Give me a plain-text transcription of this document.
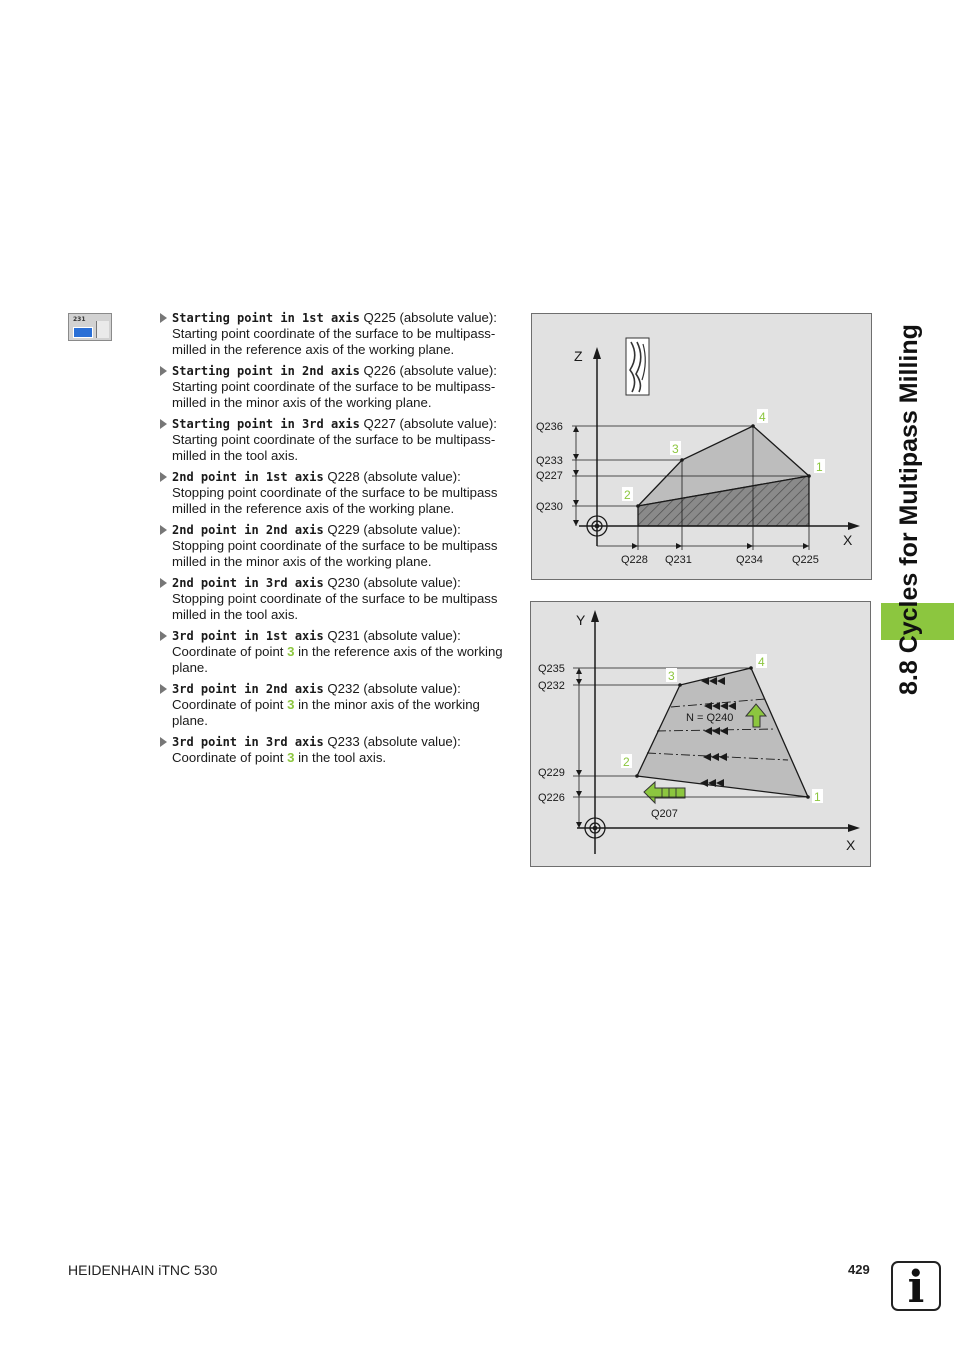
231	Starting point in 1st axis Q225 (absolute value): Starting point coordinate of the surface to be multipass-milled in the reference axis of the working plane.
Starting point in 2nd axis Q226 (absolute value): Starting point coordinate of the surface to be multipass-milled in the minor axis of the working plane.
Starting point in 3rd axis Q227 (absolute value): Starting point coordinate of the surface to be multipass-milled in the tool axis.
2nd point in 1st axis Q228 (absolute value): Stopping point coordinate of the surface to be multipass milled in the reference axis of the working plane.
2nd point in 2nd axis Q229 (absolute value): Stopping point coordinate of the surface to be multipass milled in the minor axis of the working plane.
2nd point in 3rd axis Q230 (absolute value): Stopping point coordinate of the surface to be multipass milled in the tool axis.
3rd point in 1st axis Q231 (absolute value): Coordinate of point 3 in the reference axis of the working plane.
3rd point in 2nd axis Q232 (absolute value): Coordinate of point 3 in the minor axis of the working plane.
3rd point in 3rd axis Q233 (absolute value): Coordinate of point 3 in the tool axis.
Z
X
Q236
Q233
Q227
Q230
Q228 Q231	Q234	Q225
1
2
3
4
Y
X
Q235
Q232
Q229
Q226
N = Q240
Q207
1
2
3
4	8.8 Cycles for Multipass Milling
HEIDENHAIN iTNC 530	429 i
